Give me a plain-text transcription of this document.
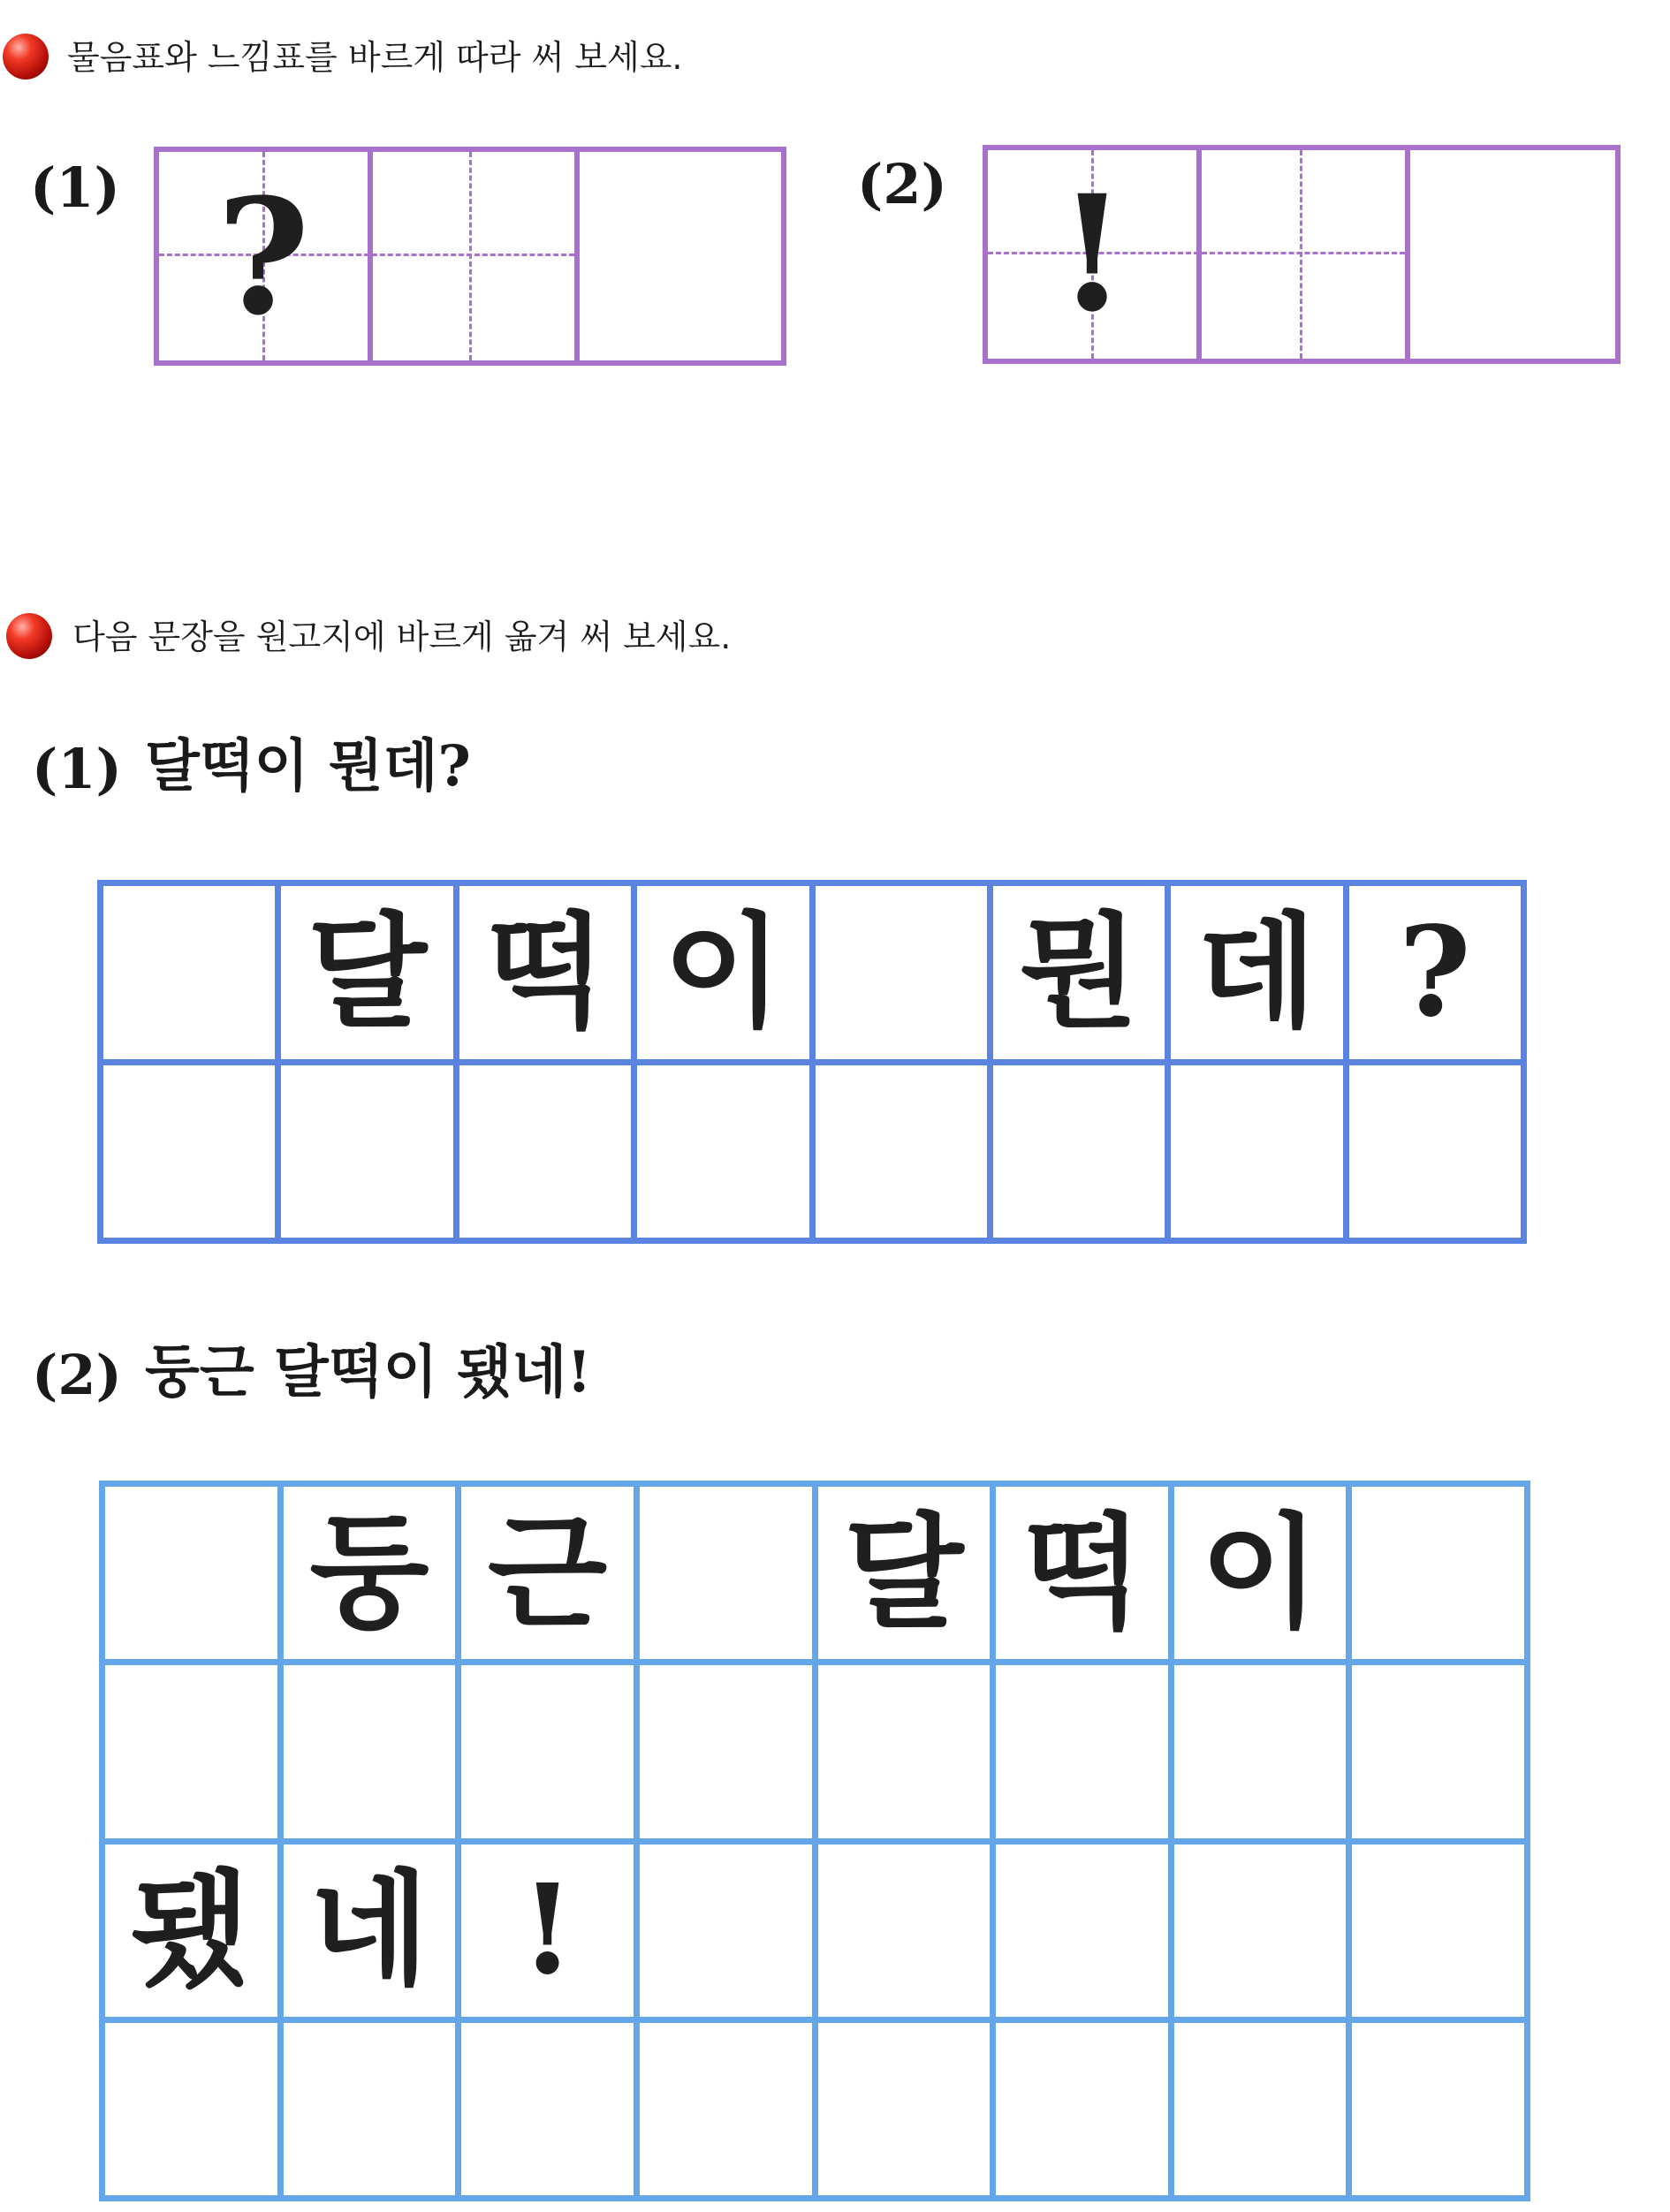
물음표와 느낌표를 바르게 따라 써 보세요.
(1) ?	(2) !
다음 문장을 원고지에 바르게 옮겨 써 보세요.
(1) 달떡이 뭔데?
달 떡 이 뭔 데 ?
(2) 둥근 달떡이 됐네!
둥 근 달 떡 이
됐 네 !
